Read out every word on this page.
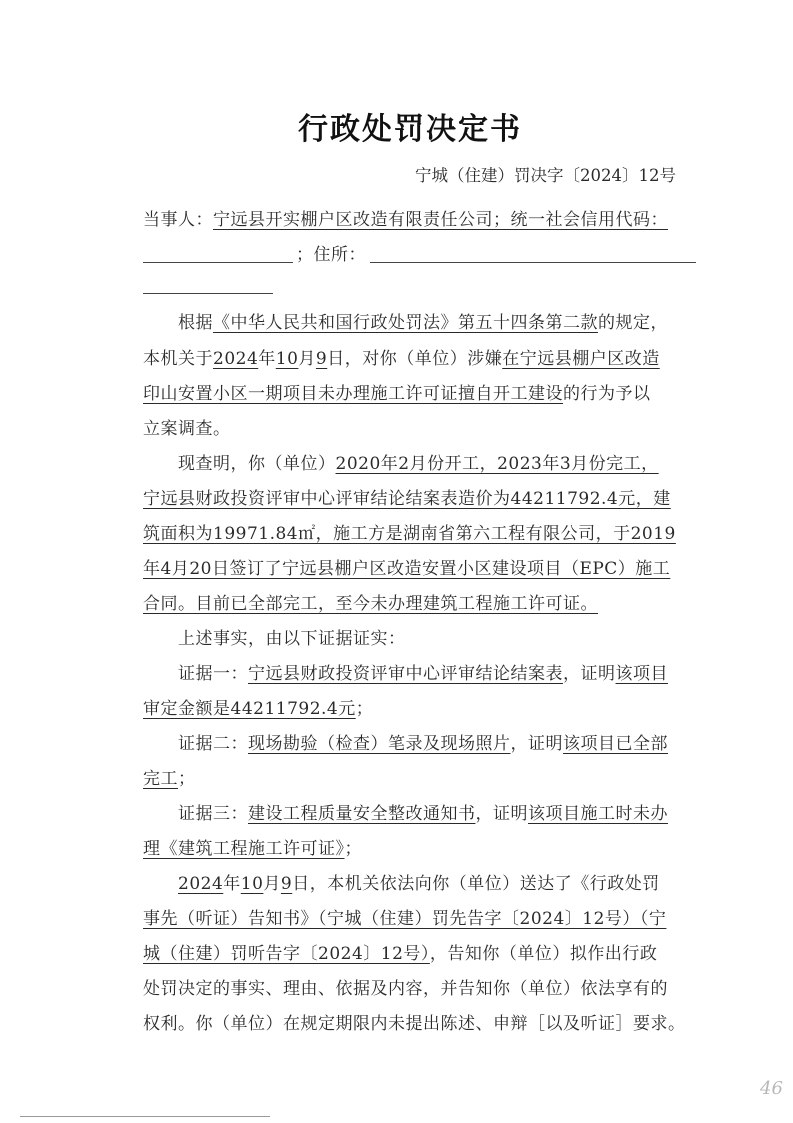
行政处罚决定书
宁城（住建）罚决字〔2024〕12号
当事人：宁远县开实棚户区改造有限责任公司；统一社会信用代码：
；住所：
根据《中华人民共和国行政处罚法》第五十四条第二款的规定，
本机关于2024年10月9日，对你（单位）涉嫌在宁远县棚户区改造
印山安置小区一期项目未办理施工许可证擅自开工建设的行为予以
立案调查。
现查明，你（单位）2020年2月份开工，2023年3月份完工，
宁远县财政投资评审中心评审结论结案表造价为44211792.4元，建
筑面积为19971.84㎡，施工方是湖南省第六工程有限公司，于2019
年4月20日签订了宁远县棚户区改造安置小区建设项目（EPC）施工
合同。目前已全部完工，至今未办理建筑工程施工许可证。
上述事实，由以下证据证实：
证据一：宁远县财政投资评审中心评审结论结案表，证明该项目
审定金额是44211792.4元；
证据二：现场勘验（检查）笔录及现场照片，证明该项目已全部
完工；
证据三：建设工程质量安全整改通知书，证明该项目施工时未办
理《建筑工程施工许可证》；
2024年10月9日，本机关依法向你（单位）送达了《行政处罚
事先（听证）告知书》（宁城（住建）罚先告字〔2024〕12号）（宁
城（住建）罚听告字〔2024〕12号），告知你（单位）拟作出行政
处罚决定的事实、理由、依据及内容，并告知你（单位）依法享有的
权利。你（单位）在规定期限内未提出陈述、申辩［以及听证］要求。
46
